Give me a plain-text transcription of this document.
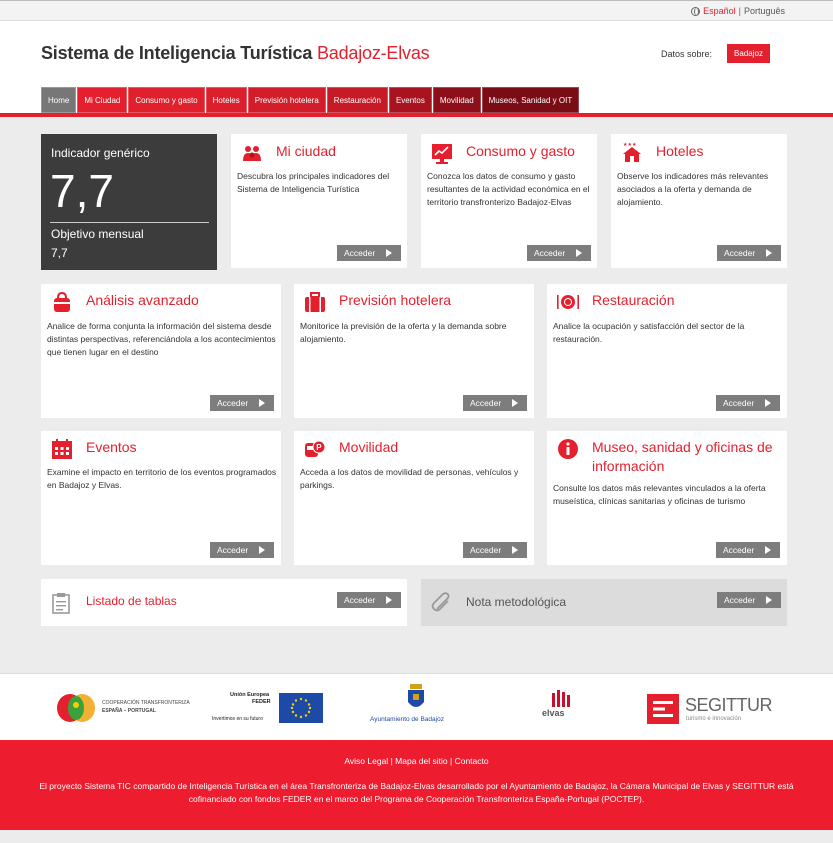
Español | Português
Sistema de Inteligencia Turística Badajoz-Elvas	Datos sobre:	Badajoz
Home	Mi Ciudad	Consumo y gasto	Hoteles	Previsión hotelera	Restauración	Eventos	Movilidad	Museos, Sanidad y OIT
Indicador genérico
7,7
Objetivo mensual
7,7
Mi ciudad
Descubra los principales indicadores del Sistema de Inteligencia Turística
Acceder
Consumo y gasto
Conozca los datos de consumo y gasto resultantes de la actividad económica en el territorio transfronterizo Badajoz-Elvas
Acceder
★★★ Hoteles
Observe los indicadores más relevantes asociados a la oferta y demanda de alojamiento.
Acceder
Análisis avanzado
Analice de forma conjunta la información del sistema desde distintas perspectivas, referenciándola a los acontecimientos que tienen lugar en el destino
Acceder
Previsión hotelera
Monitorice la previsión de la oferta y la demanda sobre alojamiento.
Acceder
Restauración
Analice la ocupación y satisfacción del sector de la restauración.
Acceder
Eventos
Examine el impacto en territorio de los eventos programados en Badajoz y Elvas.
Acceder
P Movilidad
Acceda a los datos de movilidad de personas, vehículos y parkings.
Acceder
Museo, sanidad y oficinas de información
Consulte los datos más relevantes vinculados a la oferta museística, clínicas sanitarias y oficinas de turismo
Acceder
Listado de tablas	Acceder	Nota metodológica	Acceder
COOPERACIÓN TRANSFRONTERIZA
ESPAÑA – PORTUGAL
Unión Europea
FEDER
Invertimos en su futuro	Ayuntamiento de Badajoz
elvas	SEGITTUR
turismo e innovación
Aviso Legal | Mapa del sitio | Contacto
El proyecto Sistema TIC compartido de Inteligencia Turística en el área Transfronteriza de Badajoz-Elvas desarrollado por el Ayuntamiento de Badajoz, la Cámara Municipal de Elvas y SEGITTUR está cofinanciado con fondos FEDER en el marco del Programa de Cooperación Transfronteriza España-Portugal (POCTEP).
